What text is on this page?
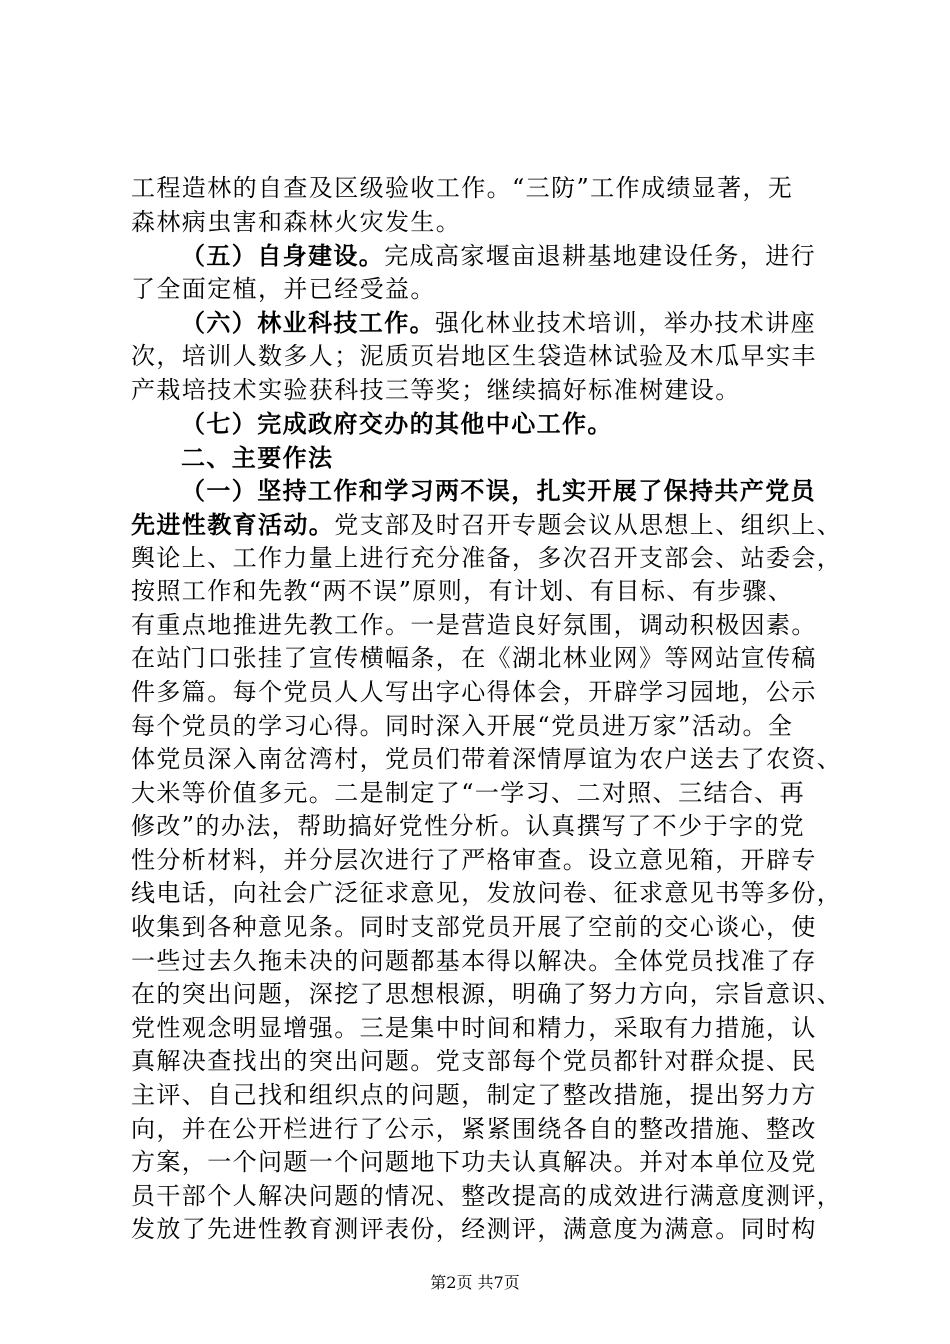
工程造林的自查及区级验收工作。“三防”工作成绩显著，无
森林病虫害和森林火灾发生。
（五）自身建设。完成高家堰亩退耕基地建设任务，进行
了全面定植，并已经受益。
（六）林业科技工作。强化林业技术培训，举办技术讲座
次，培训人数多人；泥质页岩地区生袋造林试验及木瓜早实丰
产栽培技术实验获科技三等奖；继续搞好标准树建设。
（七）完成政府交办的其他中心工作。
二、主要作法
（一）坚持工作和学习两不误，扎实开展了保持共产党员
先进性教育活动。党支部及时召开专题会议从思想上、组织上、
舆论上、工作力量上进行充分准备，多次召开支部会、站委会，
按照工作和先教“两不误”原则，有计划、有目标、有步骤、
有重点地推进先教工作。一是营造良好氛围，调动积极因素。
在站门口张挂了宣传横幅条，在《湖北林业网》等网站宣传稿
件多篇。每个党员人人写出字心得体会，开辟学习园地，公示
每个党员的学习心得。同时深入开展“党员进万家”活动。全
体党员深入南岔湾村，党员们带着深情厚谊为农户送去了农资、
大米等价值多元。二是制定了“一学习、二对照、三结合、再
修改”的办法，帮助搞好党性分析。认真撰写了不少于字的党
性分析材料，并分层次进行了严格审查。设立意见箱，开辟专
线电话，向社会广泛征求意见，发放问卷、征求意见书等多份，
收集到各种意见条。同时支部党员开展了空前的交心谈心，使
一些过去久拖未决的问题都基本得以解决。全体党员找准了存
在的突出问题，深挖了思想根源，明确了努力方向，宗旨意识、
党性观念明显增强。三是集中时间和精力，采取有力措施，认
真解决查找出的突出问题。党支部每个党员都针对群众提、民
主评、自己找和组织点的问题，制定了整改措施，提出努力方
向，并在公开栏进行了公示，紧紧围绕各自的整改措施、整改
方案，一个问题一个问题地下功夫认真解决。并对本单位及党
员干部个人解决问题的情况、整改提高的成效进行满意度测评，
发放了先进性教育测评表份，经测评，满意度为满意。同时构
第2页 共7页
